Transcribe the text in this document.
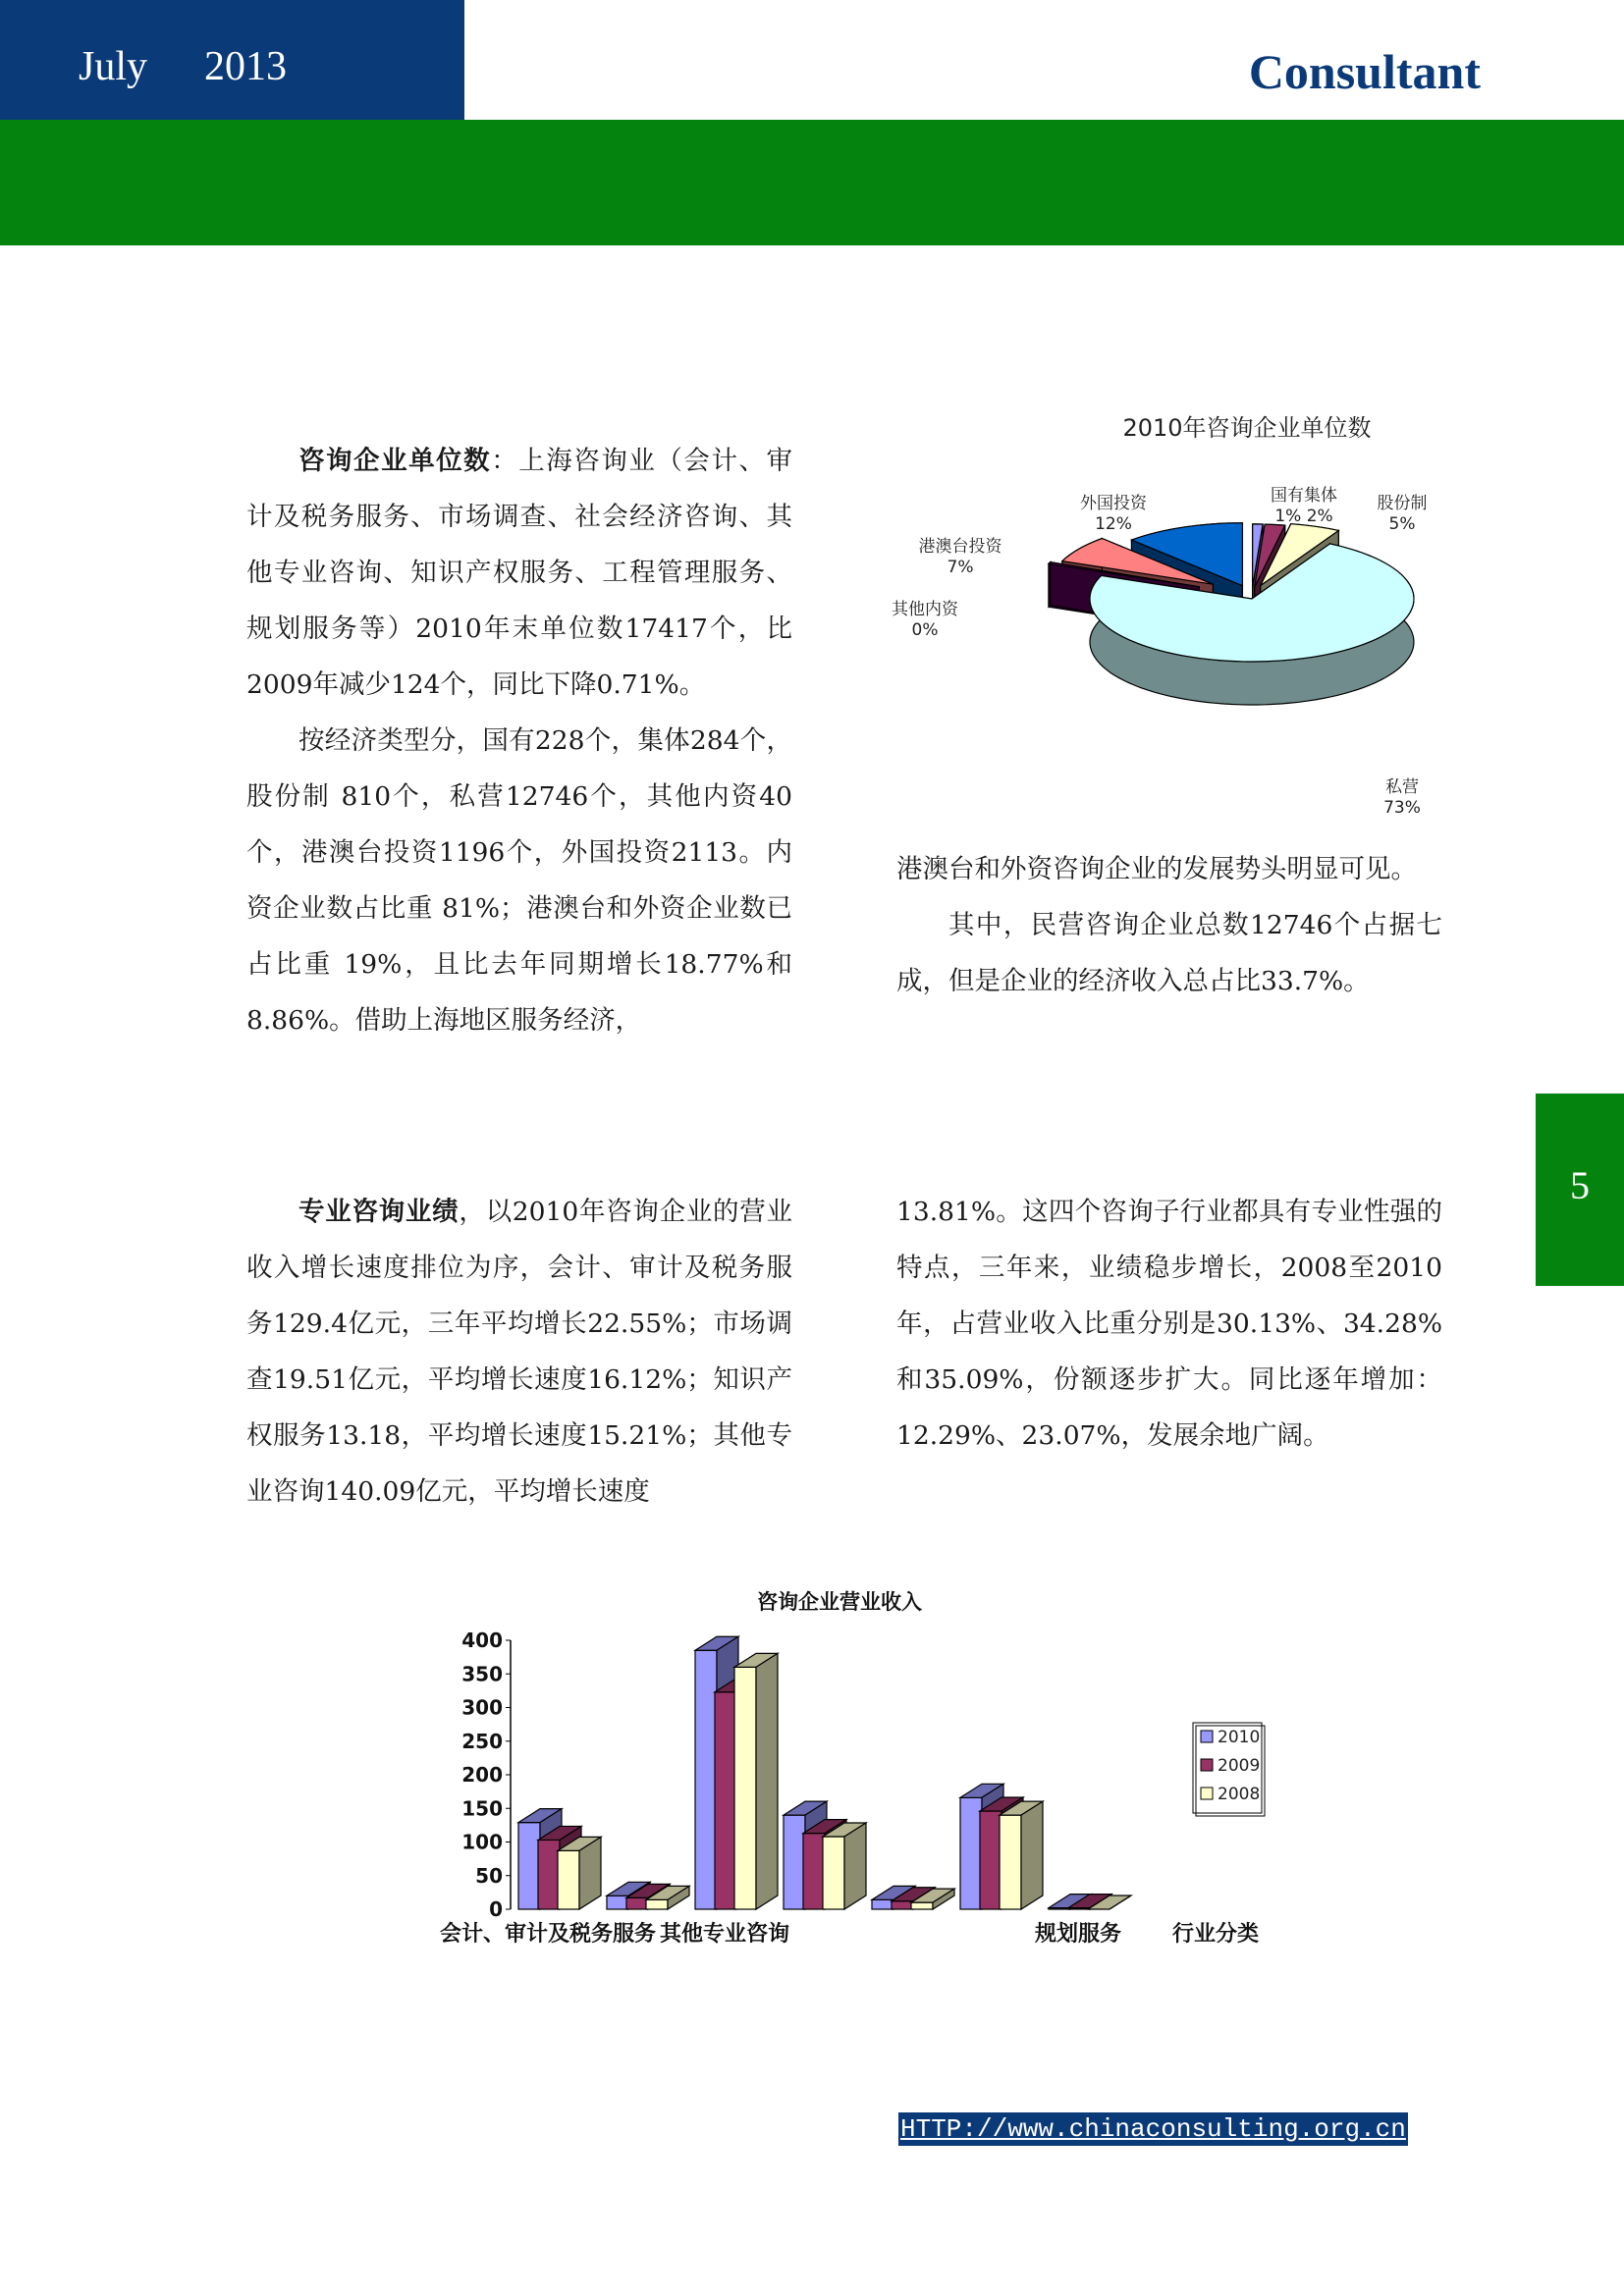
July 2013	Consultant

咨询企业单位数：上海咨询业（会计、审计及税务服务、市场调查、社会经济咨询、其他专业咨询、知识产权服务、工程管理服务、规划服务等）2010年末单位数17417个，比2009年减少124个，同比下降0.71%。

按经济类型分，国有228个，集体284个，股份制 810个，私营12746个，其他内资40个，港澳台投资1196个，外国投资2113。内资企业数占比重 81%；港澳台和外资企业数已占比重 19%，且比去年同期增长18.77%和 8.86%。借助上海地区服务经济，

2010年咨询企业单位数
国有集体 1% 2%
股份制 5%
私营 73%
其他内资 0%
港澳台投资 7%
外国投资 12%

港澳台和外资咨询企业的发展势头明显可见。

其中，民营咨询企业总数12746个占据七成，但是企业的经济收入总占比33.7%。

专业咨询业绩，以2010年咨询企业的营业收入增长速度排位为序，会计、审计及税务服务129.4亿元，三年平均增长22.55%；市场调查19.51亿元，平均增长速度16.12%；知识产权服务13.18，平均增长速度15.21%；其他专业咨询140.09亿元，平均增长速度

13.81%。这四个咨询子行业都具有专业性强的特点，三年来，业绩稳步增长，2008至2010年，占营业收入比重分别是30.13%、34.28%和35.09%，份额逐步扩大。同比逐年增加：12.29%、23.07%，发展余地广阔。

咨询企业营业收入
0
50
100
150
200
250
300
350
400
会计、审计及税务服务 其他专业咨询	规划服务 行业分类
2010
2009
2008
5
HTTP://www.chinaconsulting.org.cn
